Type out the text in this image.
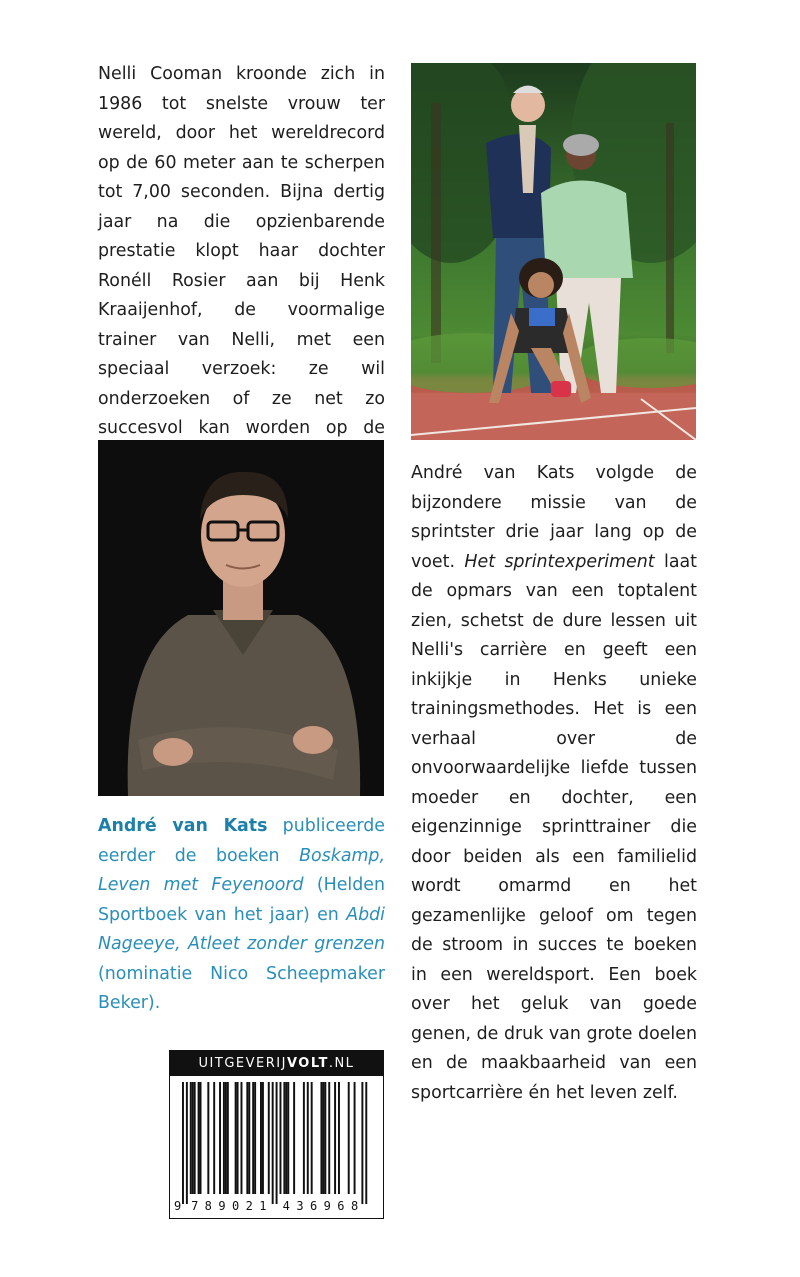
Nelli Cooman kroonde zich in 1986 tot snelste vrouw ter wereld, door het wereldrecord op de 60 meter aan te scherpen tot 7,00 seconden. Bijna dertig jaar na die opzienbarende prestatie klopt haar dochter Ronéll Rosier aan bij Henk Kraaijenhof, de voormalige trainer van Nelli, met een speciaal verzoek: ze wil onderzoeken of ze net zo succesvol kan worden op de

André van Kats volgde de bijzondere missie van de sprintster drie jaar lang op de voet. Het sprintexperiment laat de opmars van een toptalent zien, schetst de dure lessen uit Nelli's carrière en geeft een inkijkje in Henks unieke trainingsmethodes. Het is een verhaal over de onvoorwaardelijke liefde tussen moeder en dochter, een eigenzinnige sprinttrainer die door beiden als een familielid wordt omarmd en het gezamenlijke geloof om tegen de stroom in succes te boeken in een wereldsport. Een boek over het geluk van goede genen, de druk van grote doelen en de maakbaarheid van een sportcarrière én het leven zelf.

André van Kats publiceerde eerder de boeken Boskamp, Leven met Feyenoord (Helden Sportboek van het jaar) en Abdi Nageeye, Atleet zonder grenzen (nominatie Nico Scheepmaker Beker).

UITGEVERIJVOLT.NL
9 7 8 9 0 2 1 4 3 6 9 6 8
